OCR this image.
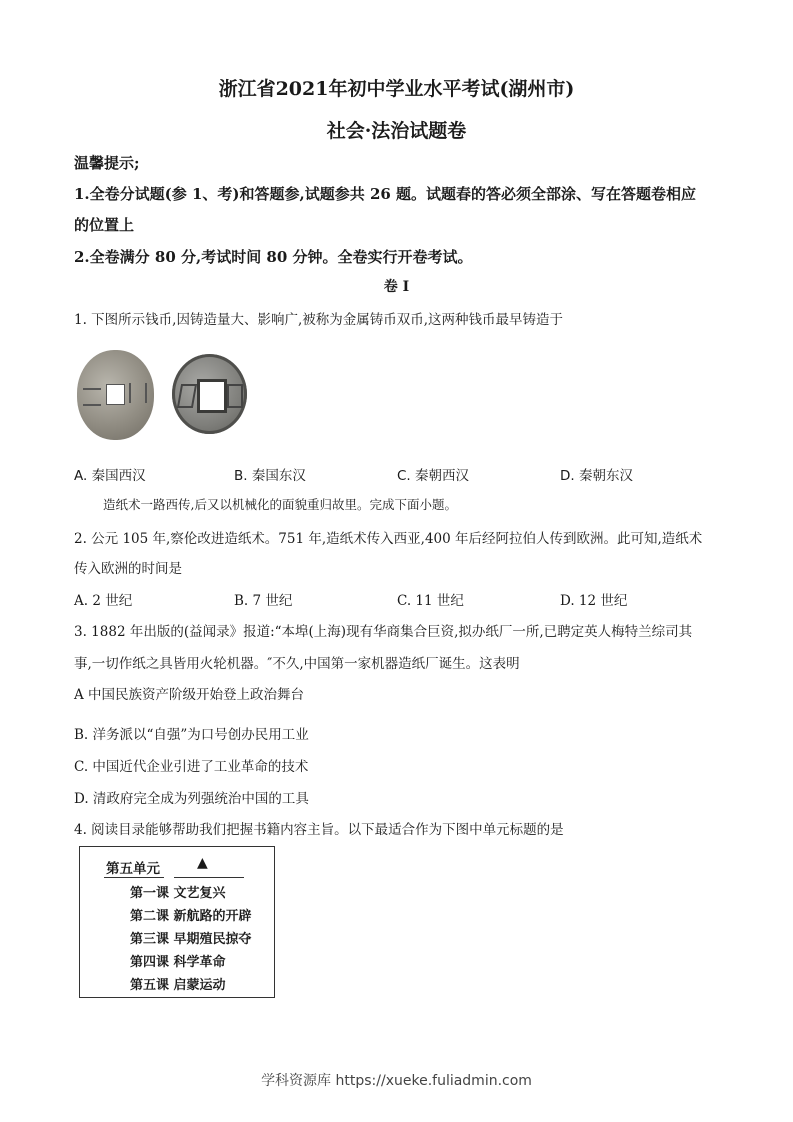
浙江省2021年初中学业水平考试(湖州市)
社会·法治试题卷
温馨提示;
1.全卷分试题(参 1、考)和答题参,试题参共 26 题。试题春的答必须全部涂、写在答题卷相应
的位置上
2.全卷满分 80 分,考试时间 80 分钟。全卷实行开卷考试。
卷 I
1. 下图所示钱币,因铸造量大、影响广,被称为金属铸币双币,这两种钱币最早铸造于
A. 秦国西汉	B. 秦国东汉	C. 秦朝西汉	D. 秦朝东汉
造纸术一路西传,后又以机械化的面貌重归故里。完成下面小题。
2. 公元 105 年,察伦改进造纸术。751 年,造纸术传入西亚,400 年后经阿拉伯人传到欧洲。此可知,造纸术
传入欧洲的时间是
A. 2 世纪	B. 7 世纪	C. 11 世纪	D. 12 世纪
3. 1882 年出版的(益闻录》报道:“本埠(上海)现有华商集合巨资,拟办纸厂一所,已聘定英人梅特兰综司其
事,一切作纸之具皆用火轮机器。″不久,中国第一家机器造纸厂诞生。这表明
A 中国民族资产阶级开始登上政治舞台
B. 洋务派以“自强”为口号创办民用工业
C. 中国近代企业引进了工业革命的技术
D. 清政府完全成为列强统治中国的工具
4. 阅读目录能够帮助我们把握书籍内容主旨。以下最适合作为下图中单元标题的是
第五单元	▲
第一课 文艺复兴
第二课 新航路的开辟
第三课 早期殖民掠夺
第四课 科学革命
第五课 启蒙运动
学科资源库 https://xueke.fuliadmin.com
